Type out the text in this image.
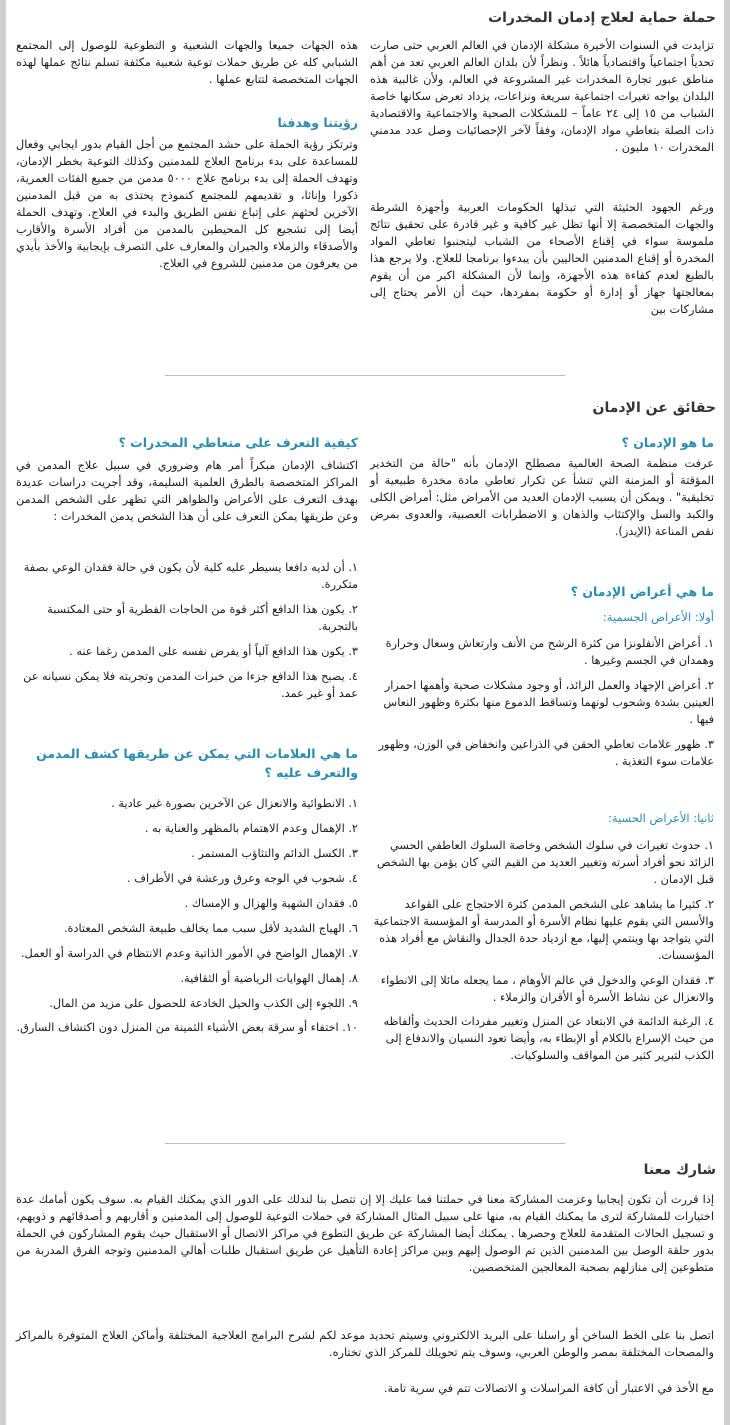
حملة حماية لعلاج إدمان المخدرات

تزايدت في السنوات الأخيرة مشكلة الإدمان في العالم العربي حتى صارت تحدياً اجتماعياً واقتصادياً هائلاً . ونظراً لأن بلدان العالم العربي تعد من أهم مناطق عبور تجارة المخدرات غير المشروعة في العالم، ولأن غالبية هذه البلدان يواجه تغيرات اجتماعية سريعة ونزاعات، يزداد تعرض سكانها خاصة الشباب من ١٥ إلى ٢٤ عاماً – للمشكلات الصحية والاجتماعية والاقتصادية ذات الصلة بتعاطي مواد الإدمان، وفقاً لآخر الإحصائيات وصل عدد مدمني المخدرات ١٠ مليون .

ورغم الجهود الحثيثة التي تبذلها الحكومات العربية وأجهزة الشرطة والجهات المتخصصة إلا أنها تظل غير كافية و غير قادرة على تحقيق نتائج ملموسة سواء في إقناع الأصحاء من الشباب ليتجنبوا تعاطي المواد المخدرة أو إقناع المدمنين الحاليين بأن يبدءوا برنامجا للعلاج. ولا يرجع هذا بالطبع لعدم كفاءة هذه الأجهزة، وإنما لأن المشكلة اكبر من أن يقوم بمعالجتها جهاز أو إدارة أو حكومة بمفردها، حيث أن الأمر يحتاج إلى مشاركات بين

هذه الجهات جميعا والجهات الشعبية و التطوعية للوصول إلى المجتمع الشبابي كله عن طريق حملات توعية شعبية مكثفة تسلم نتائج عملها لهذه الجهات المتخصصة لتتابع عملها .

رؤيتنا وهدفنا

وترتكز رؤية الحملة على حشد المجتمع من أجل القيام بدور ايجابي وفعال للمساعدة على بدء برنامج العلاج للمدمنين وكذلك التوعية بخطر الإدمان، وتهدف الحملة إلى بدء برنامج علاج ٥٠٠٠ مدمن من جميع الفئات العمرية، ذكورا وإناثا، و تقديمهم للمجتمع كنموذج يحتذى به من قبل المدمنين الآخرين لحثهم على إتباع نفس الطريق والبدء في العلاج. وتهدف الحملة أيضا إلى تشجيع كل المحيطين بالمدمن من أفراد الأسرة والأقارب والأصدقاء والزملاء والجيران والمعارف على التصرف بإيجابية والأخذ بأيدي من يعرفون من مدمنين للشروع في العلاج.

حقائق عن الإدمان
ما هو الإدمان ؟

عرفت منظمة الصحة العالمية مصطلح الإدمان بأنه "حالة من التخدير المؤقتة أو المزمنة التي تنشأ عن تكرار تعاطي مادة مخدرة طبيعية أو تخليقية" . ويمكن أن يسبب الإدمان العديد من الأمراض مثل: أمراض الكلى والكبد والسل والإكتئاب والذهان و الاضطرابات العصبية، والعدوى بمرض نقص المناعة (الإيدز).

ما هي أعراض الإدمان ؟

أولا: الأعراض الجسمية:

١. أعراض الأنفلونزا من كثرة الرشح من الأنف وارتعاش وسعال وحرارة وهمدان في الجسم وغيرها .
٢. أعراض الإجهاد والعمل الزائد، أو وجود مشكلات صحية وأهمها احمرار العينين بشدة وشحوب لونهما وتساقط الدموع منها بكثرة وظهور النعاس فيها .
٣. ظهور علامات تعاطي الحقن في الذراعين وانخفاض في الوزن، وظهور علامات سوء التغذية .

ثانيا: الأعراض الحسية:

١. حدوث تغيرات في سلوك الشخص وخاصة السلوك العاطفي الحسي الزائد نحو أفراد أسرته وتغيير العديد من القيم التي كان يؤمن بها الشخص قبل الإدمان .
٢. كثيرا ما يشاهد على الشخص المدمن كثرة الاحتجاج على القواعد والأسس التي يقوم عليها نظام الأسرة أو المدرسة أو المؤسسة الاجتماعية التي يتواجد بها وينتمي إليها، مع ازدياد حدة الجدال والنقاش مع أفراد هذه المؤسسات.
٣. فقدان الوعي والدخول في عالم الأوهام ، مما يجعله مائلا إلى الانطواء والانعزال عن نشاط الأسرة أو الأقران والزملاء .
٤. الرغبة الدائمة في الابتعاد عن المنزل وتغيير مفردات الحديث وألفاظه من حيث الإسراع بالكلام أو الإبطاء به، وأيضا تعود النسيان والاندفاع إلى الكذب لتبرير كثير من المواقف والسلوكيات.
كيفية التعرف على متعاطي المخدرات ؟

اكتشاف الإدمان مبكراً أمر هام وضروري في سبيل علاج المدمن في المراكز المتخصصة بالطرق العلمية السليمة، وقد أجريت دراسات عديدة بهدف التعرف على الأعراض والظواهر التي تظهر على الشخص المدمن وعن طريقها يمكن التعرف على أن هذا الشخص يدمن المخدرات :

١. أن لديه دافعا يسيطر عليه كلية لأن يكون في حالة فقدان الوعي بصفة متكررة.
٢. يكون هذا الدافع أكثر قوة من الحاجات الفطرية أو حتى المكتسبة بالتجربة.
٣. يكون هذا الدافع آلياً أو يفرض نفسه على المدمن رغما عنه .
٤. يصبح هذا الدافع جزءا من خبرات المدمن وتجربته فلا يمكن نسيانه عن عمد أو غير عمد.
ما هي العلامات التي يمكن عن طريقها كشف المدمن والتعرف عليه ؟
١. الانطوائية والانعزال عن الآخرين بصورة غير عادية .
٢. الإهمال وعدم الاهتمام بالمظهر والعناية به .
٣. الكسل الدائم والتثاؤب المستمر .
٤. شحوب في الوجه وعرق ورعشة في الأطراف .
٥. فقدان الشهية والهزال و الإمساك .
٦. الهياج الشديد لأقل سبب مما يخالف طبيعة الشخص المعتادة.
٧. الإهمال الواضح في الأمور الذاتية وعدم الانتظام في الدراسة أو العمل.
٨. إهمال الهوايات الرياضية أو الثقافية.
٩. اللجوء إلى الكذب والحيل الخادعة للحصول على مزيد من المال.
١٠. اختفاء أو سرقة بعض الأشياء الثمينة من المنزل دون اكتشاف السارق.
شارك معنا

إذا قررت أن تكون إيجابيا وعزمت المشاركة معنا في حملتنا فما عليك إلا إن تتصل بنا لندلك على الدور الذي يمكنك القيام به. سوف يكون أمامك عدة اختيارات للمشاركة لترى ما يمكنك القيام به، منها على سبيل المثال المشاركة في حملات التوعية للوصول إلى المدمنين و أقاربهم و أصدقائهم و ذويهم، و تسجيل الحالات المتقدمة للعلاج وحصرها . يمكنك أيضا المشاركة عن طريق التطوع في مراكز الاتصال أو الاستقبال حيث يقوم المشاركون في الحملة بدور حلقة الوصل بين المدمنين الذين تم الوصول إليهم وبين مراكز إعادة التأهيل عن طريق استقبال طلبات أهالي المدمنين وتوجه الفرق المدربة من متطوعين إلى منازلهم بصحبة المعالجين المتخصصين.

اتصل بنا على الخط الساخن أو راسلنا على البريد الالكتروني وسيتم تحديد موعد لكم لشرح البرامج العلاجية المختلفة وأماكن العلاج المتوفرة بالمراكز والمصحات المختلفة بمصر والوطن العربي، وسوف يتم تحويلك للمركز الذي تختاره.

مع الأخذ في الاعتبار أن كافة المراسلات و الاتصالات تتم في سرية تامة.
